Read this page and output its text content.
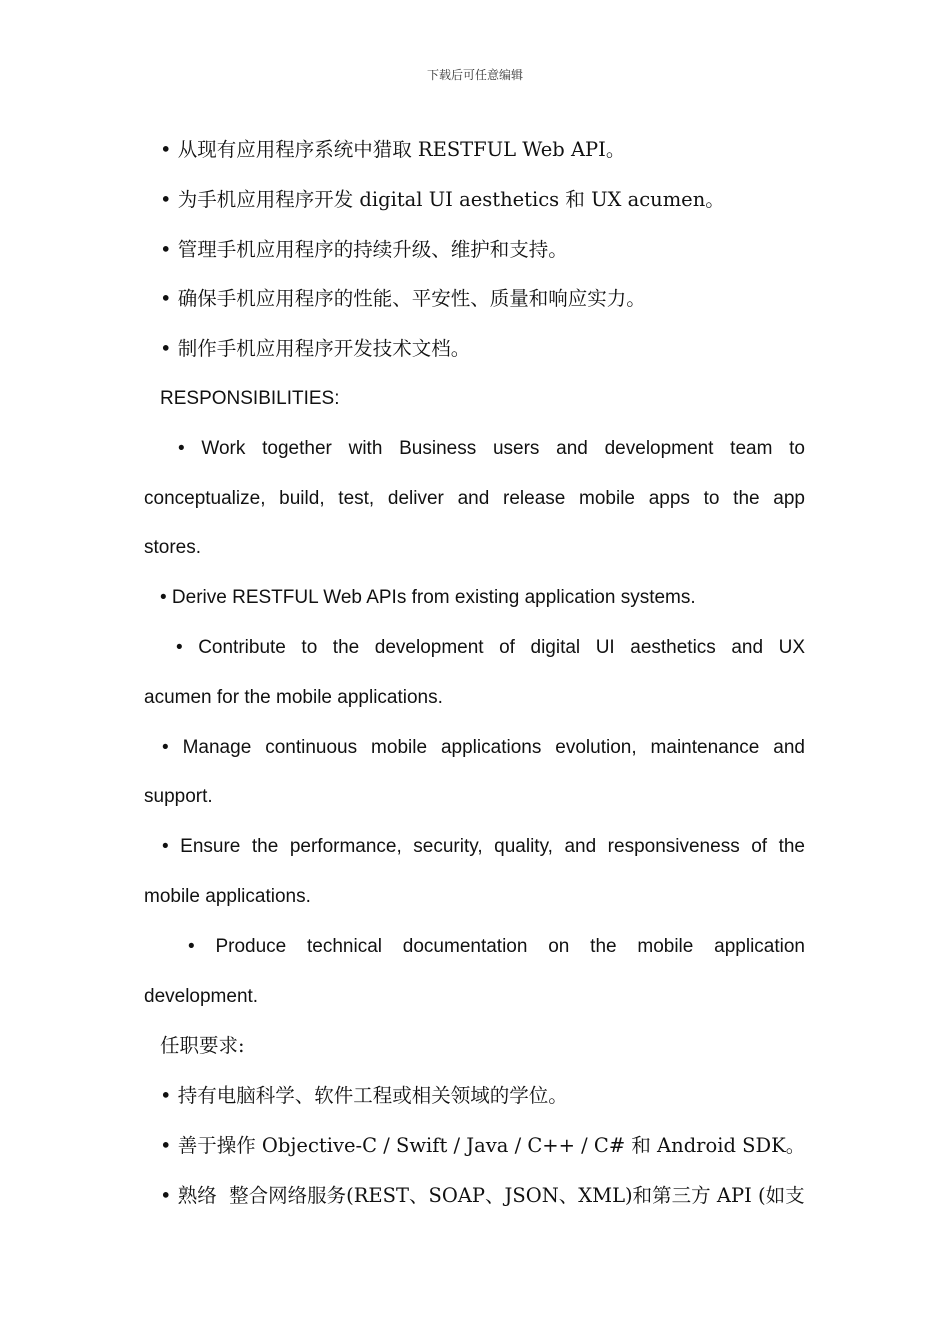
下载后可任意编辑
• 从现有应用程序系统中猎取 RESTFUL Web API。
• 为手机应用程序开发 digital UI aesthetics 和 UX acumen。
• 管理手机应用程序的持续升级、维护和支持。
• 确保手机应用程序的性能、平安性、质量和响应实力。
• 制作手机应用程序开发技术文档。
RESPONSIBILITIES:
• Work together with Business users and development team to
conceptualize, build, test, deliver and release mobile apps to the app
stores.
• Derive RESTFUL Web APIs from existing application systems.
• Contribute to the development of digital UI aesthetics and UX
acumen for the mobile applications.
• Manage continuous mobile applications evolution, maintenance and
support.
• Ensure the performance, security, quality, and responsiveness of the
mobile applications.
• Produce technical documentation on the mobile application
development.
任职要求:
• 持有电脑科学、软件工程或相关领域的学位。
• 善于操作 Objective-C / Swift / Java / C++ / C# 和 Android SDK。
• 熟络  整合网络服务(REST、SOAP、JSON、XML)和第三方 API (如支
